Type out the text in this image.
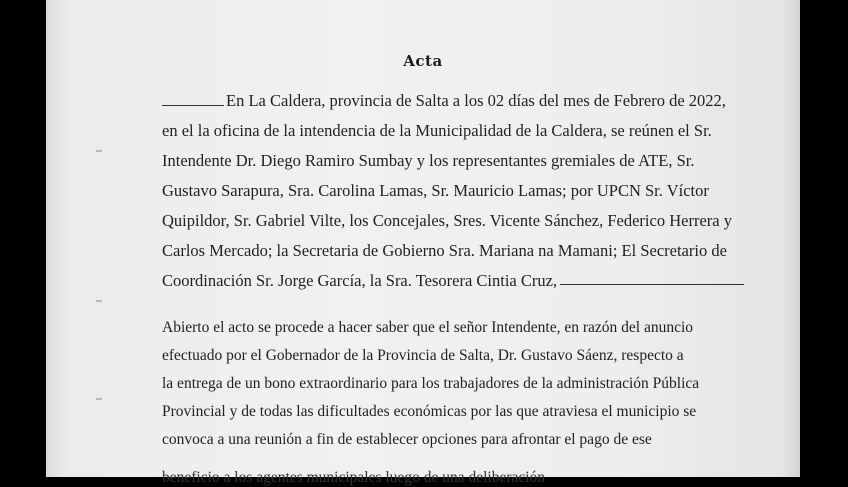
Acta
En La Caldera, provincia de Salta a los 02 días del mes de Febrero de 2022,
en el la oficina de la intendencia de la Municipalidad de la Caldera, se reúnen el Sr.
Intendente Dr. Diego Ramiro Sumbay y los representantes gremiales de ATE, Sr.
Gustavo Sarapura, Sra. Carolina Lamas, Sr. Mauricio Lamas; por UPCN Sr. Víctor
Quipildor, Sr. Gabriel Vilte, los Concejales, Sres. Vicente Sánchez, Federico Herrera y
Carlos Mercado; la Secretaria de Gobierno Sra. Mariana na Mamani; El Secretario de
Coordinación Sr. Jorge García, la Sra. Tesorera Cintia Cruz,
Abierto el acto se procede a hacer saber que el señor Intendente, en razón del anuncio
efectuado por el Gobernador de la Provincia de Salta, Dr. Gustavo Sáenz, respecto a
la entrega de un bono extraordinario para los trabajadores de la administración Pública
Provincial y de todas las dificultades económicas por las que atraviesa el municipio se
convoca a una reunión a fin de establecer opciones para afrontar el pago de ese
beneficio a los agentes municipales luego de una deliberación
